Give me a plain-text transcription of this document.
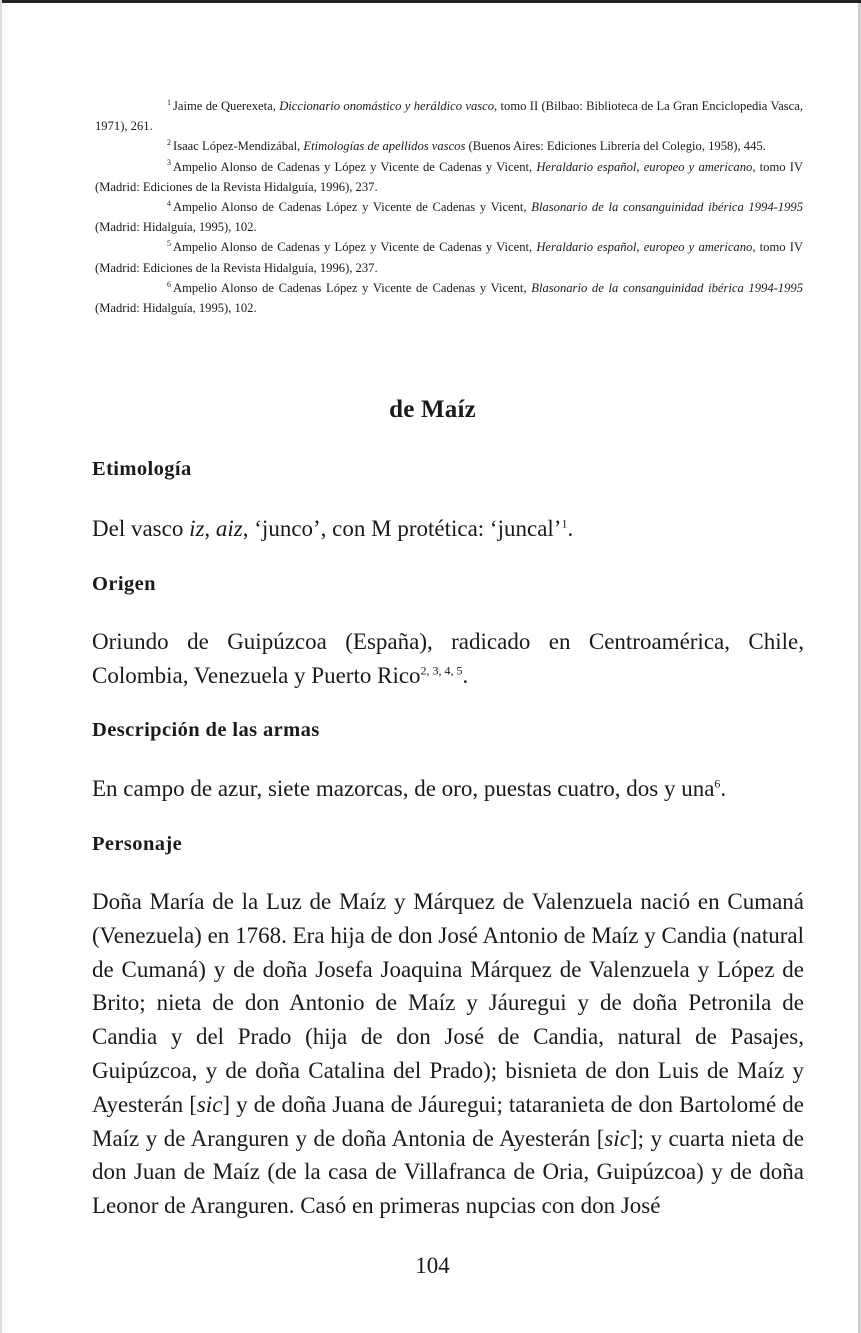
$^1$ Jaime de Querexeta, Diccionario onomástico y heráldico vasco, tomo II (Bilbao: Biblioteca de La Gran Enciclopedia Vasca, 1971), 261.

$^2$ Isaac López-Mendizábal, Etimologías de apellidos vascos (Buenos Aires: Ediciones Librería del Colegio, 1958), 445.

$^3$ Ampelio Alonso de Cadenas y López y Vicente de Cadenas y Vicent, Heraldario español, europeo y americano, tomo IV (Madrid: Ediciones de la Revista Hidalguía, 1996), 237.

$^4$ Ampelio Alonso de Cadenas López y Vicente de Cadenas y Vicent, Blasonario de la consanguinidad ibérica 1994-1995 (Madrid: Hidalguía, 1995), 102.

$^5$ Ampelio Alonso de Cadenas y López y Vicente de Cadenas y Vicent, Heraldario español, europeo y americano, tomo IV (Madrid: Ediciones de la Revista Hidalguía, 1996), 237.

$^6$ Ampelio Alonso de Cadenas López y Vicente de Cadenas y Vicent, Blasonario de la consanguinidad ibérica 1994-1995 (Madrid: Hidalguía, 1995), 102.

de Maíz
Etimología

Del vasco iz, aiz, ‘junco’, con M protética: ‘juncal’$^1$.

Origen

Oriundo de Guipúzcoa (España), radicado en Centroamérica, Chile, Colombia, Venezuela y Puerto Rico$^{2, 3, 4, 5}$.

Descripción de las armas

En campo de azur, siete mazorcas, de oro, puestas cuatro, dos y una$^6$.

Personaje

Doña María de la Luz de Maíz y Márquez de Valenzuela nació en Cumaná (Venezuela) en 1768. Era hija de don José Antonio de Maíz y Candia (natural de Cumaná) y de doña Josefa Joaquina Márquez de Valenzuela y López de Brito; nieta de don Antonio de Maíz y Jáuregui y de doña Petronila de Candia y del Prado (hija de don José de Candia, natural de Pasajes, Guipúzcoa, y de doña Catalina del Prado); bisnieta de don Luis de Maíz y Ayesterán [sic] y de doña Juana de Jáuregui; tataranieta de don Bartolomé de Maíz y de Aranguren y de doña Antonia de Ayesterán [sic]; y cuarta nieta de don Juan de Maíz (de la casa de Villafranca de Oria, Guipúzcoa) y de doña Leonor de Aranguren. Casó en primeras nupcias con don José

104
